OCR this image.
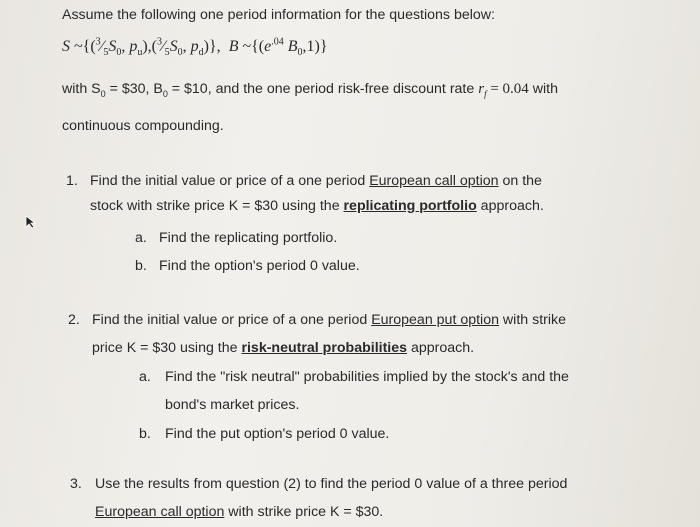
Assume the following one period information for the questions below:
S $\sim\{(^3⁄_5S_0$, $p_u),(^3⁄_5S_0$, $p_d$)}, B $\sim\{(e^{.04}$ $B_0,1$)}
with $S_0$ = $30, $B_0$ = $10, and the one period risk-free discount rate $r_f = 0.04$ with
continuous compounding.
1. Find the initial value or price of a one period European call option on the
stock with strike price K = $30 using the replicating portfolio approach.
a. Find the replicating portfolio.
b. Find the option's period 0 value.
2. Find the initial value or price of a one period European put option with strike
price K = $30 using the risk-neutral probabilities approach.
a. Find the "risk neutral" probabilities implied by the stock's and the
bond's market prices.
b. Find the put option's period 0 value.
3. Use the results from question (2) to find the period 0 value of a three period
European call option with strike price K = $30.
